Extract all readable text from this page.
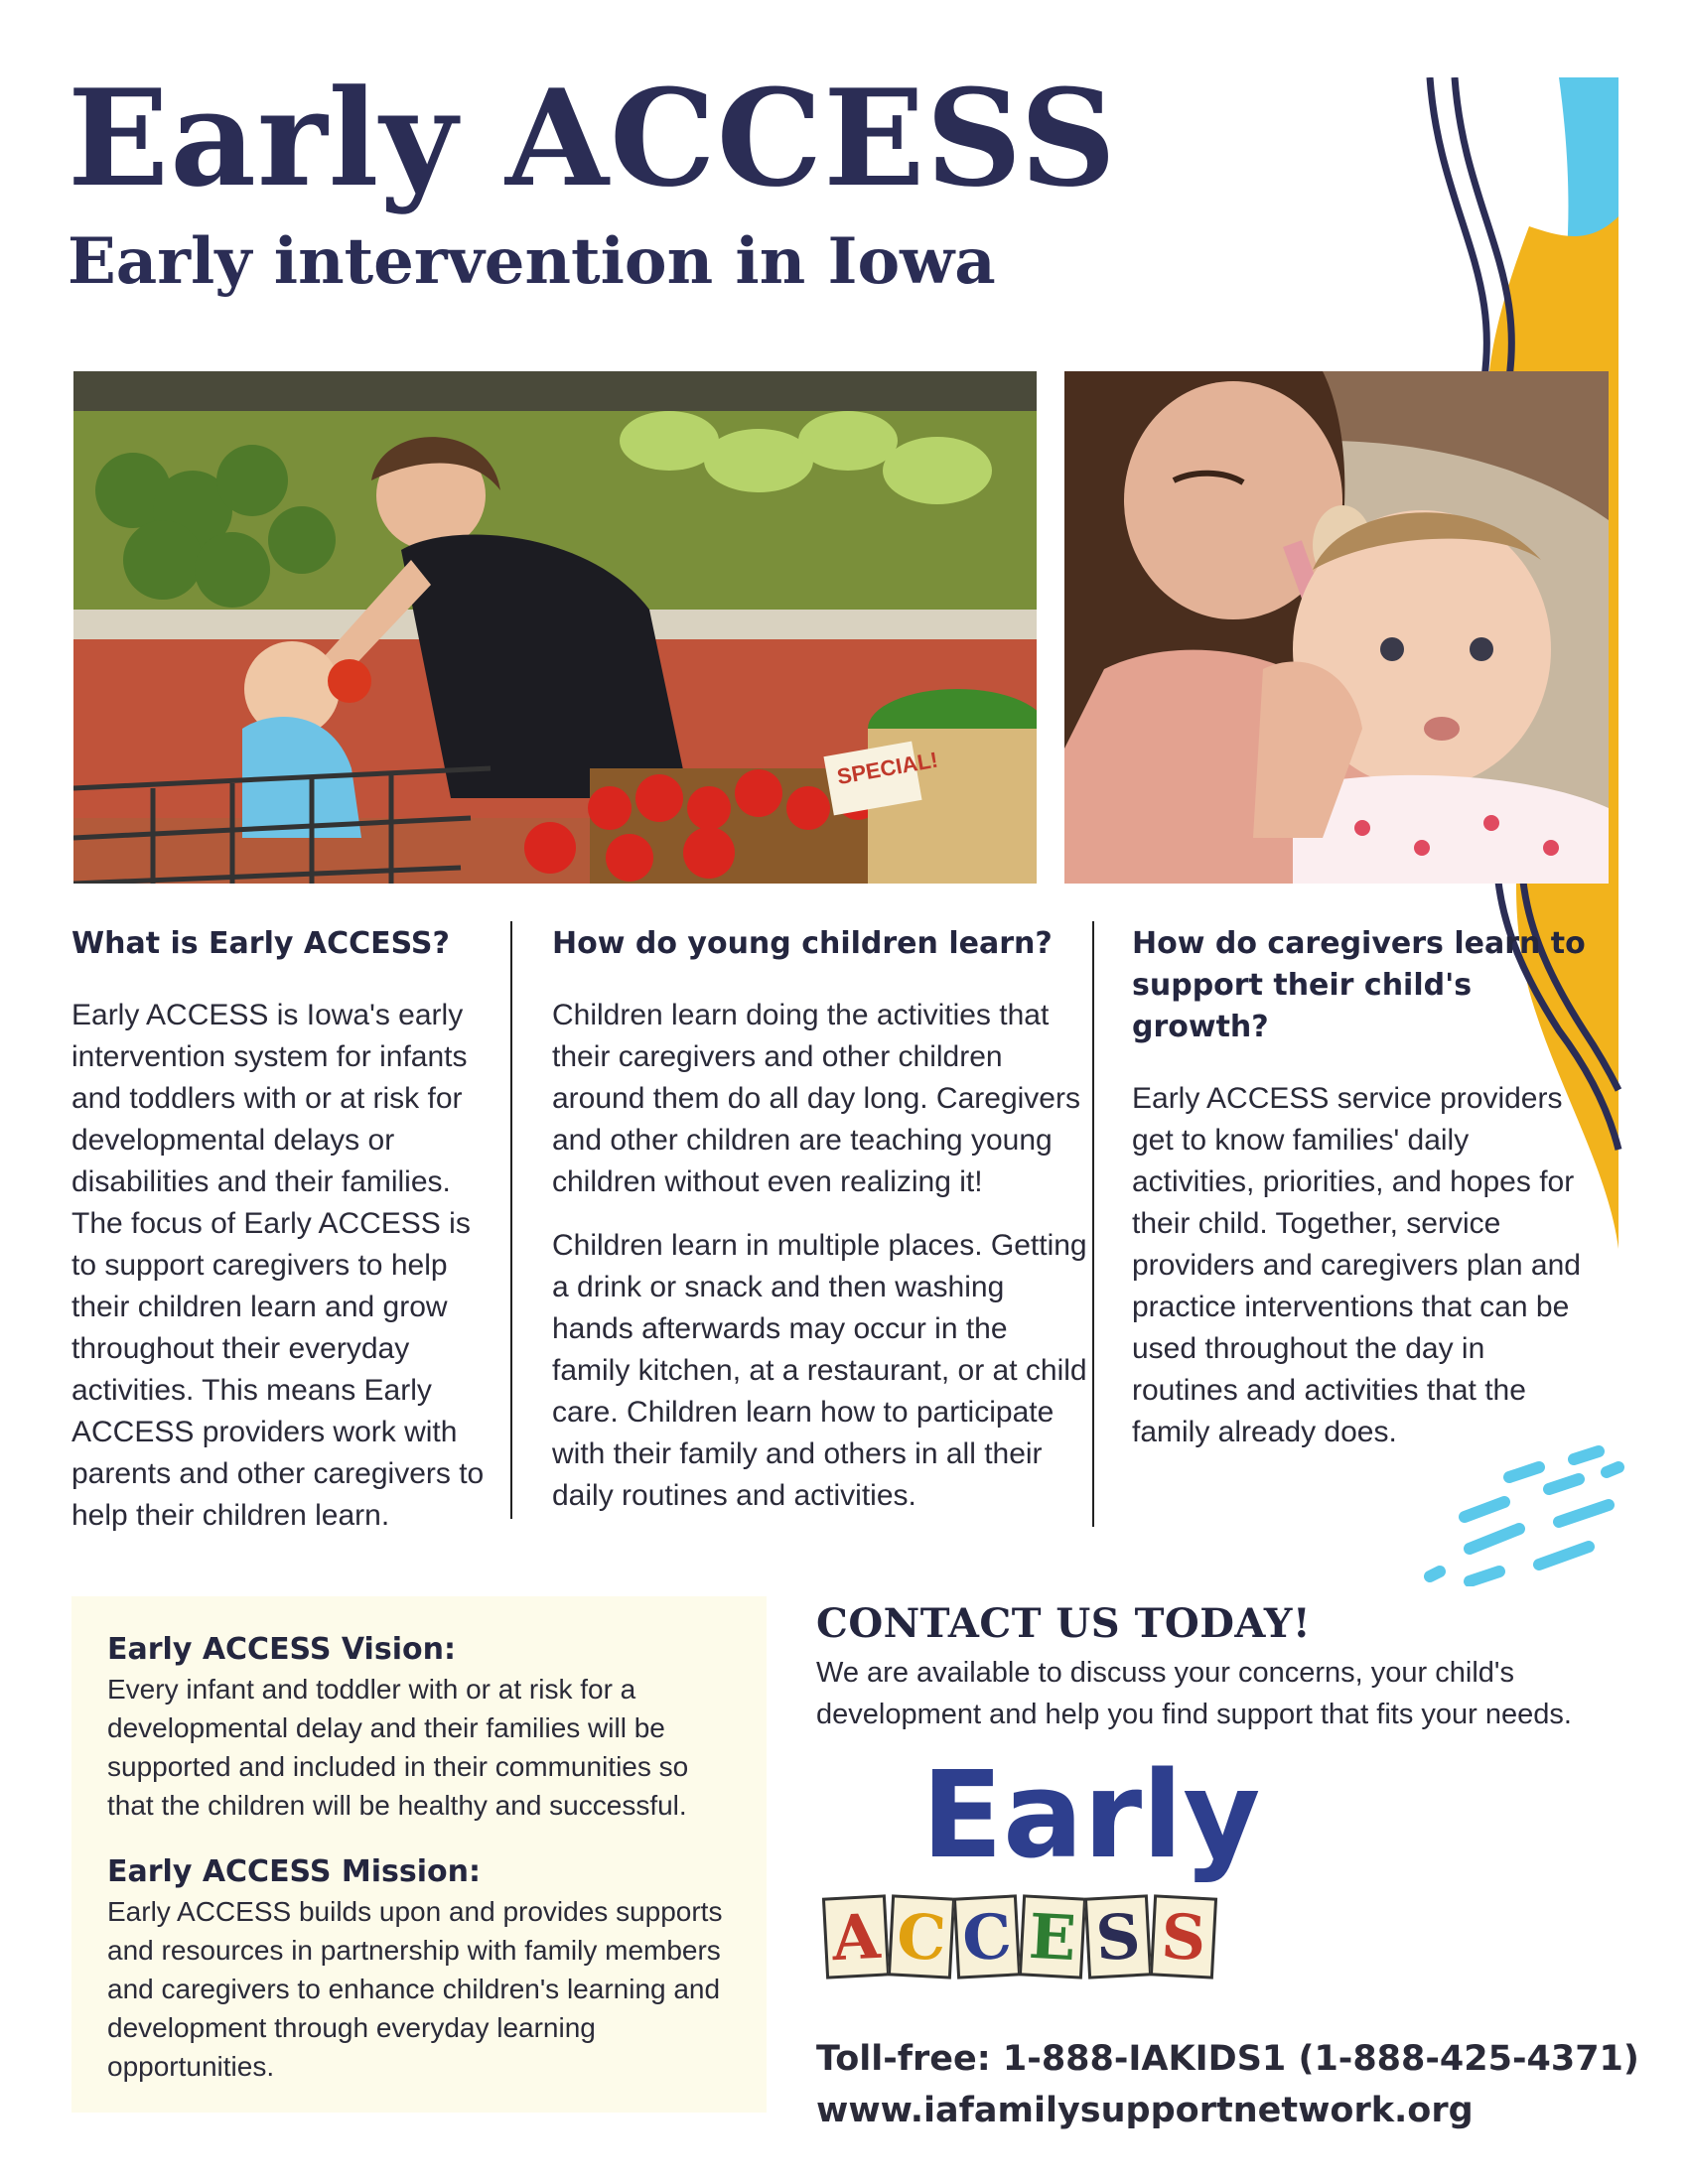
Early ACCESS
Early intervention in Iowa
SPECIAL!
What is Early ACCESS?

Early ACCESS is Iowa's early intervention system for infants and toddlers with or at risk for developmental delays or disabilities and their families. The focus of Early ACCESS is to support caregivers to help their children learn and grow throughout their everyday activities. This means Early ACCESS providers work with parents and other caregivers to help their children learn.

How do young children learn?

Children learn doing the activities that their caregivers and other children around them do all day long. Caregivers and other children are teaching young children without even realizing it!

Children learn in multiple places. Getting a drink or snack and then washing hands afterwards may occur in the family kitchen, at a restaurant, or at child care. Children learn how to participate with their family and others in all their daily routines and activities.

How do caregivers learn to support their child's growth?

Early ACCESS service providers get to know families' daily activities, priorities, and hopes for their child. Together, service providers and caregivers plan and practice interventions that can be used throughout the day in routines and activities that the family already does.

Early ACCESS Vision:

Every infant and toddler with or at risk for a developmental delay and their families will be supported and included in their communities so that the children will be healthy and successful.

Early ACCESS Mission:

Early ACCESS builds upon and provides supports and resources in partnership with family members and caregivers to enhance children's learning and development through everyday learning opportunities.

CONTACT US TODAY!

We are available to discuss your concerns, your child's development and help you find support that fits your needs.

Early
A C C E S S
Toll-free: 1-888-IAKIDS1 (1-888-425-4371)
www.iafamilysupportnetwork.org
